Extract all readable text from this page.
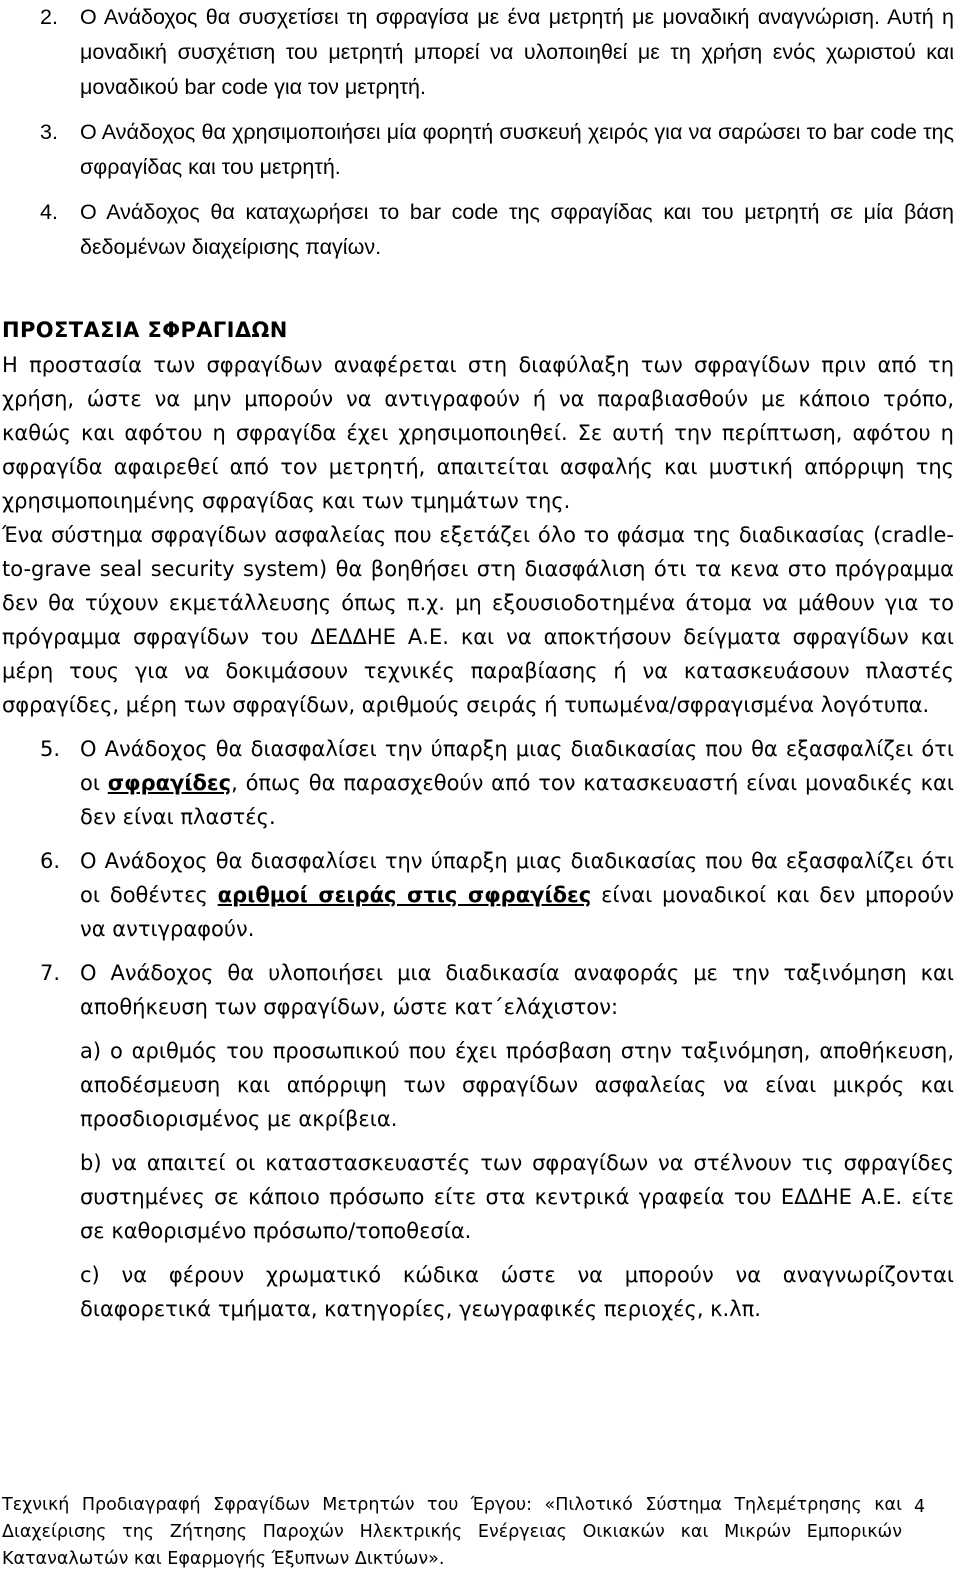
2. Ο Ανάδοχος θα συσχετίσει τη σφραγίσα με ένα μετρητή με μοναδική αναγνώριση. Αυτή η μοναδική συσχέτιση του μετρητή μπορεί να υλοποιηθεί με τη χρήση ενός χωριστού και μοναδικού bar code για τον μετρητή.

3. Ο Ανάδοχος θα χρησιμοποιήσει μία φορητή συσκευή χειρός για να σαρώσει το bar code της σφραγίδας και του μετρητή.

4. Ο Ανάδοχος θα καταχωρήσει το bar code της σφραγίδας και του μετρητή σε μία βάση δεδομένων διαχείρισης παγίων.

ΠΡΟΣΤΑΣΙΑ ΣΦΡΑΓΙΔΩΝ

Η προστασία των σφραγίδων αναφέρεται στη διαφύλαξη των σφραγίδων πριν από τη χρήση, ώστε να μην μπορούν να αντιγραφούν ή να παραβιασθούν με κάποιο τρόπο, καθώς και αφότου η σφραγίδα έχει χρησιμοποιηθεί. Σε αυτή την περίπτωση, αφότου η σφραγίδα αφαιρεθεί από τον μετρητή, απαιτείται ασφαλής και μυστική απόρριψη της χρησιμοποιημένης σφραγίδας και των τμημάτων της.

Ένα σύστημα σφραγίδων ασφαλείας που εξετάζει όλο το φάσμα της διαδικασίας (cradle-to-grave seal security system) θα βοηθήσει στη διασφάλιση ότι τα κενα στο πρόγραμμα δεν θα τύχουν εκμετάλλευσης όπως π.χ. μη εξουσιοδοτημένα άτομα να μάθουν για το πρόγραμμα σφραγίδων του ΔΕΔΔΗΕ Α.Ε. και να αποκτήσουν δείγματα σφραγίδων και μέρη τους για να δοκιμάσουν τεχνικές παραβίασης ή να κατασκευάσουν πλαστές σφραγίδες, μέρη των σφραγίδων, αριθμούς σειράς ή τυπωμένα/σφραγισμένα λογότυπα.

5. Ο Ανάδοχος θα διασφαλίσει την ύπαρξη μιας διαδικασίας που θα εξασφαλίζει ότι οι σφραγίδες, όπως θα παρασχεθούν από τον κατασκευαστή είναι μοναδικές και δεν είναι πλαστές.

6. Ο Ανάδοχος θα διασφαλίσει την ύπαρξη μιας διαδικασίας που θα εξασφαλίζει ότι οι δοθέντες αριθμοί σειράς στις σφραγίδες είναι μοναδικοί και δεν μπορούν να αντιγραφούν.

7. Ο Ανάδοχος θα υλοποιήσει μια διαδικασία αναφοράς με την ταξινόμηση και αποθήκευση των σφραγίδων, ώστε κατ΄ελάχιστον:

a) ο αριθμός του προσωπικού που έχει πρόσβαση στην ταξινόμηση, αποθήκευση, αποδέσμευση και απόρριψη των σφραγίδων ασφαλείας να είναι μικρός και προσδιορισμένος με ακρίβεια.

b) να απαιτεί οι καταστασκευαστές των σφραγίδων να στέλνουν τις σφραγίδες συστημένες σε κάποιο πρόσωπο είτε στα κεντρικά γραφεία του ΕΔΔΗΕ Α.Ε. είτε σε καθορισμένο πρόσωπο/τοποθεσία.

c) να φέρουν χρωματικό κώδικα ώστε να μπορούν να αναγνωρίζονται διαφορετικά τμήματα, κατηγορίες, γεωγραφικές περιοχές, κ.λπ.

Τεχνική Προδιαγραφή Σφραγίδων Μετρητών του Έργου: «Πιλοτικό Σύστημα Τηλεμέτρησης και Διαχείρισης της Ζήτησης Παροχών Ηλεκτρικής Ενέργειας Οικιακών και Μικρών Εμπορικών Καταναλωτών και Εφαρμογής Έξυπνων Δικτύων».
4
